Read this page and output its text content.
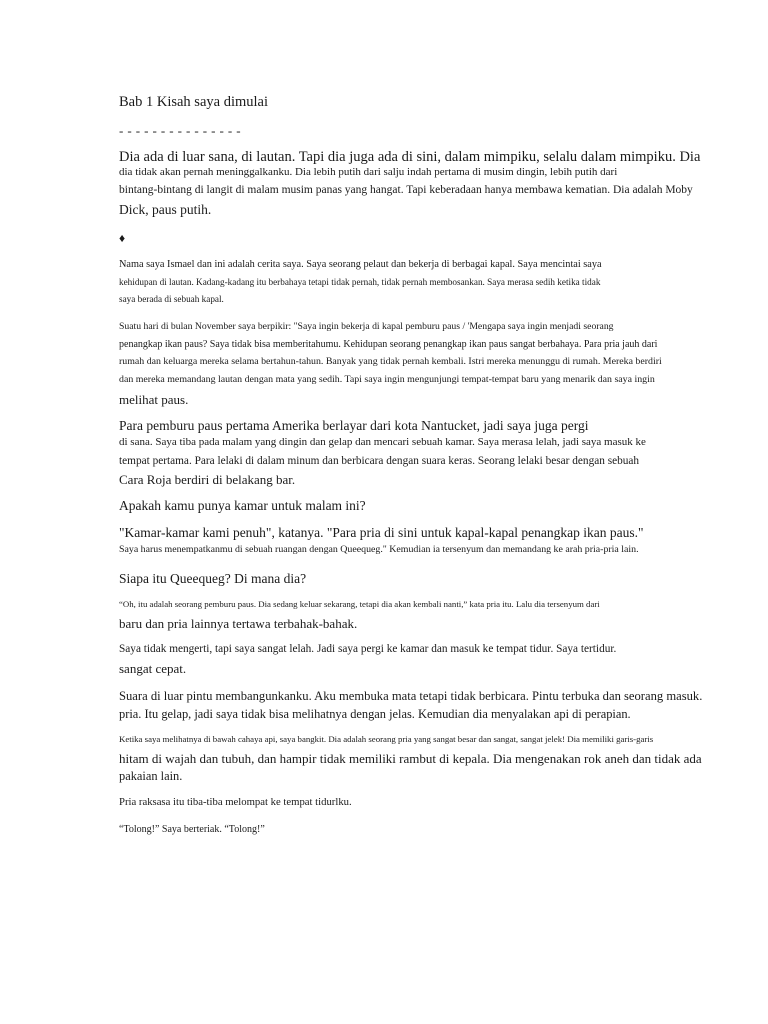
Bab 1 Kisah saya dimulai

- - - - - - - - - - - - - - -

Dia ada di luar sana, di lautan. Tapi dia juga ada di sini, dalam mimpiku, selalu dalam mimpiku. Dia

dia tidak akan pernah meninggalkanku. Dia lebih putih dari salju indah pertama di musim dingin, lebih putih dari

bintang-bintang di langit di malam musim panas yang hangat. Tapi keberadaan hanya membawa kematian. Dia adalah Moby

Dick, paus putih.

♦

Nama saya Ismael dan ini adalah cerita saya. Saya seorang pelaut dan bekerja di berbagai kapal. Saya mencintai saya

kehidupan di lautan. Kadang-kadang itu berbahaya tetapi tidak pernah, tidak pernah membosankan. Saya merasa sedih ketika tidak

saya berada di sebuah kapal.

Suatu hari di bulan November saya berpikir: "Saya ingin bekerja di kapal pemburu paus / 'Mengapa saya ingin menjadi seorang

penangkap ikan paus? Saya tidak bisa memberitahumu. Kehidupan seorang penangkap ikan paus sangat berbahaya. Para pria jauh dari

rumah dan keluarga mereka selama bertahun-tahun. Banyak yang tidak pernah kembali. Istri mereka menunggu di rumah. Mereka berdiri

dan mereka memandang lautan dengan mata yang sedih. Tapi saya ingin mengunjungi tempat-tempat baru yang menarik dan saya ingin

melihat paus.

Para pemburu paus pertama Amerika berlayar dari kota Nantucket, jadi saya juga pergi

di sana. Saya tiba pada malam yang dingin dan gelap dan mencari sebuah kamar. Saya merasa lelah, jadi saya masuk ke

tempat pertama. Para lelaki di dalam minum dan berbicara dengan suara keras. Seorang lelaki besar dengan sebuah

Cara Roja berdiri di belakang bar.

Apakah kamu punya kamar untuk malam ini?

"Kamar-kamar kami penuh", katanya. "Para pria di sini untuk kapal-kapal penangkap ikan paus."

Saya harus menempatkanmu di sebuah ruangan dengan Queequeg." Kemudian ia tersenyum dan memandang ke arah pria-pria lain.

Siapa itu Queequeg? Di mana dia?

“Oh, itu adalah seorang pemburu paus. Dia sedang keluar sekarang, tetapi dia akan kembali nanti,” kata pria itu. Lalu dia tersenyum dari

baru dan pria lainnya tertawa terbahak-bahak.

Saya tidak mengerti, tapi saya sangat lelah. Jadi saya pergi ke kamar dan masuk ke tempat tidur. Saya tertidur.

sangat cepat.

Suara di luar pintu membangunkanku. Aku membuka mata tetapi tidak berbicara. Pintu terbuka dan seorang masuk.

pria. Itu gelap, jadi saya tidak bisa melihatnya dengan jelas. Kemudian dia menyalakan api di perapian.

Ketika saya melihatnya di bawah cahaya api, saya bangkit. Dia adalah seorang pria yang sangat besar dan sangat, sangat jelek! Dia memiliki garis-garis

hitam di wajah dan tubuh, dan hampir tidak memiliki rambut di kepala. Dia mengenakan rok aneh dan tidak ada

pakaian lain.

Pria raksasa itu tiba-tiba melompat ke tempat tidurlku.

“Tolong!” Saya berteriak. “Tolong!”
